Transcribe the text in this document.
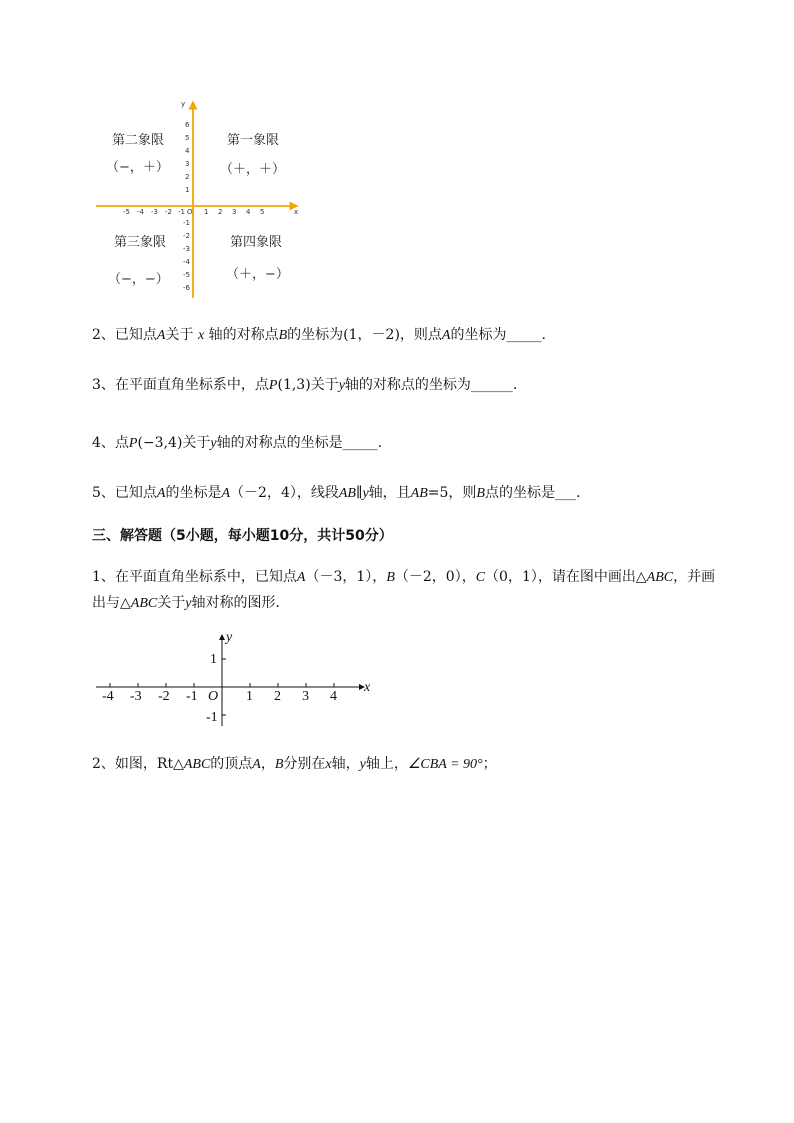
y
x
O
-5 -4 -3 -2 -1	1 2 3 4 5
6
5
4
3
2
1
-1
-2
-3
-4
-5
-6
第二象限
（−，＋）
第一象限
（＋，＋）
第三象限
（−，−）
第四象限
（＋，−）
2、已知点A关于 x 轴的对称点B的坐标为(1，－2)，则点A的坐标为_____.
3、在平面直角坐标系中，点P(1,3)关于y轴的对称点的坐标为______.
4、点P(−3,4)关于y轴的对称点的坐标是_____.
5、已知点A的坐标是A（－2，4），线段AB∥y轴，且AB=5，则B点的坐标是___.
三、解答题（5小题，每小题10分，共计50分）
1、在平面直角坐标系中，已知点A（－3，1），B（－2，0），C（0，1），请在图中画出△ABC，并画
出与△ABC关于y轴对称的图形．
y
x
O
1
-1
-4 -3 -2 -1	1 2 3 4
2、如图，Rt△ABC的顶点A，B分别在x轴，y轴上，∠CBA = 90°；
